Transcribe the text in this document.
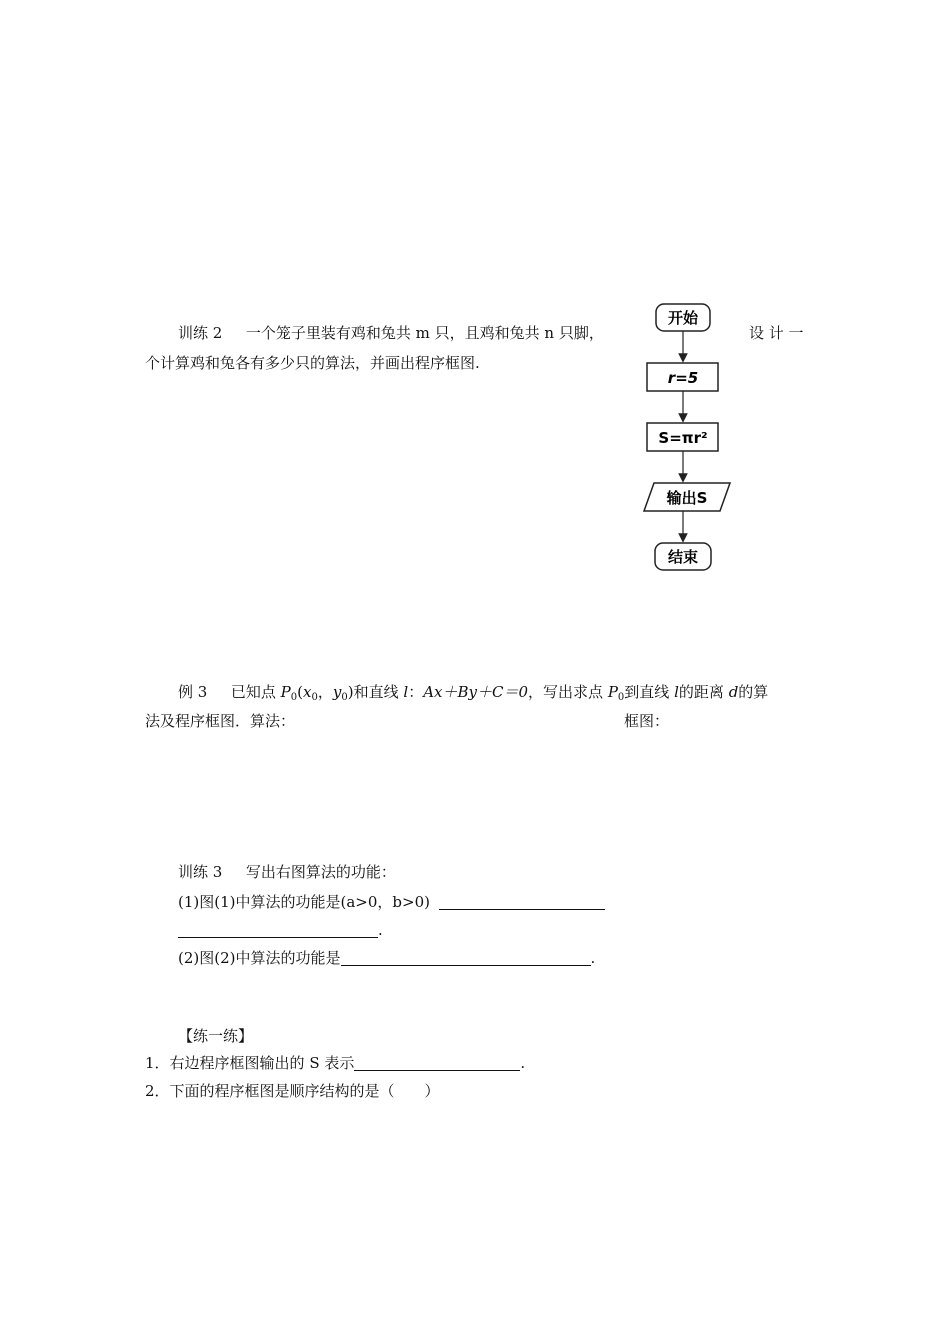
训练 2 一个笼子里装有鸡和兔共 m 只，且鸡和兔共 n 只脚，	设 计 一
个计算鸡和兔各有多少只的算法，并画出程序框图.
开始
r=5
S=πr²
输出S
结束
例 3 已知点 $P_0(x_0$，$y_0$)和直线 l：Ax＋By＋C＝0，写出求点 $P_0$到直线 l的距离 d的算
法及程序框图．算法：	框图：
训练 3 写出右图算法的功能：
(1)图(1)中算法的功能是(a>0，b>0)
.
(2)图(2)中算法的功能是	.
【练一练】
1．右边程序框图输出的 S 表示	.
2．下面的程序框图是顺序结构的是（　　）
